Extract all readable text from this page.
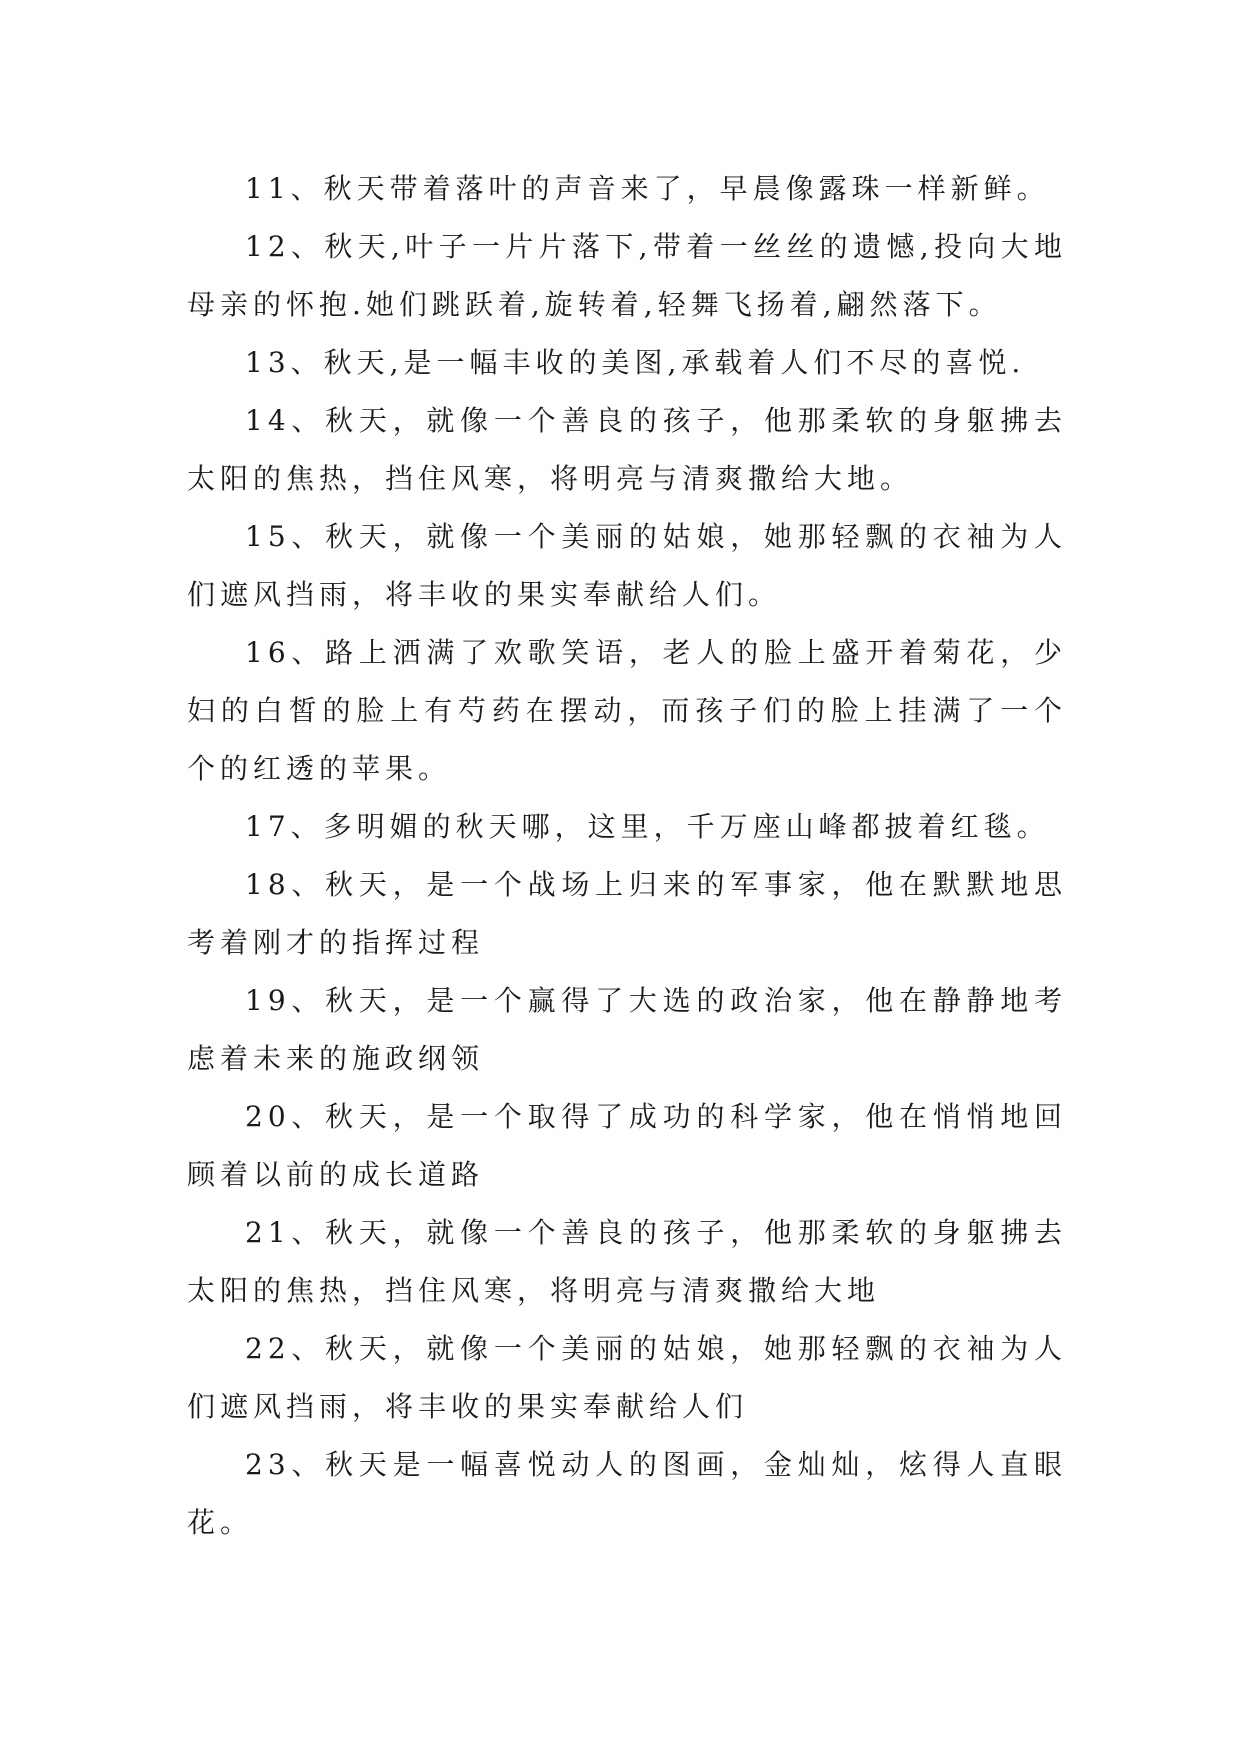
11、秋天带着落叶的声音来了，早晨像露珠一样新鲜。

12、秋天,叶子一片片落下,带着一丝丝的遗憾,投向大地母亲的怀抱.她们跳跃着,旋转着,轻舞飞扬着,翩然落下。

13、秋天,是一幅丰收的美图,承载着人们不尽的喜悦.

14、秋天，就像一个善良的孩子，他那柔软的身躯拂去太阳的焦热，挡住风寒，将明亮与清爽撒给大地。

15、秋天，就像一个美丽的姑娘，她那轻飘的衣袖为人们遮风挡雨，将丰收的果实奉献给人们。

16、路上洒满了欢歌笑语，老人的脸上盛开着菊花，少妇的白皙的脸上有芍药在摆动，而孩子们的脸上挂满了一个个的红透的苹果。

17、多明媚的秋天哪，这里，千万座山峰都披着红毯。

18、秋天，是一个战场上归来的军事家，他在默默地思考着刚才的指挥过程

19、秋天，是一个赢得了大选的政治家，他在静静地考虑着未来的施政纲领

20、秋天，是一个取得了成功的科学家，他在悄悄地回顾着以前的成长道路

21、秋天，就像一个善良的孩子，他那柔软的身躯拂去太阳的焦热，挡住风寒，将明亮与清爽撒给大地

22、秋天，就像一个美丽的姑娘，她那轻飘的衣袖为人们遮风挡雨，将丰收的果实奉献给人们

23、秋天是一幅喜悦动人的图画，金灿灿，炫得人直眼花。
